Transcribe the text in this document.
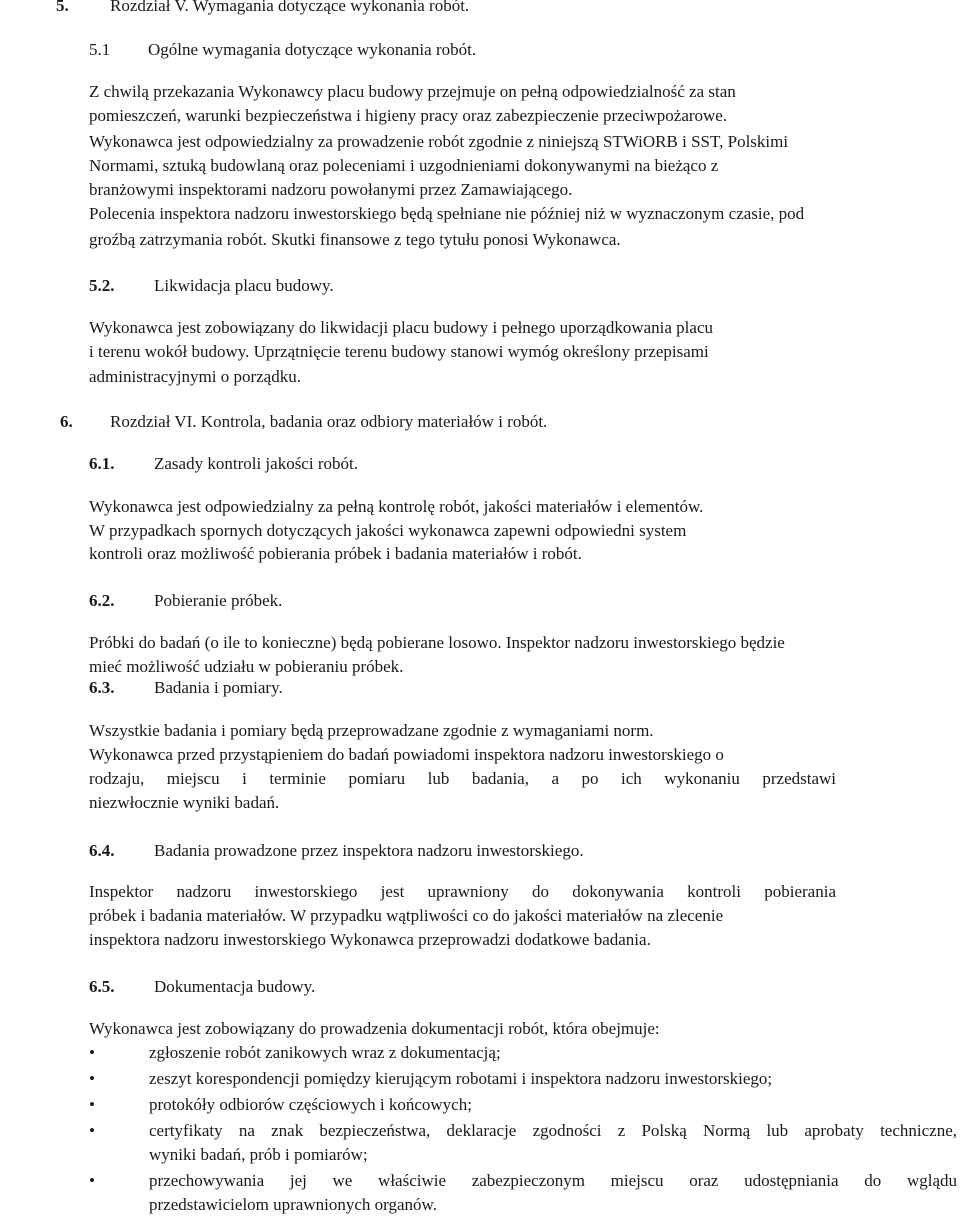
5. Rozdział V. Wymagania dotyczące wykonania robót.
5.1 Ogólne wymagania dotyczące wykonania robót.
Z chwilą przekazania Wykonawcy placu budowy przejmuje on pełną odpowiedzialność za stan
pomieszczeń, warunki bezpieczeństwa i higieny pracy oraz zabezpieczenie przeciwpożarowe.
Wykonawca jest odpowiedzialny za prowadzenie robót zgodnie z niniejszą STWiORB i SST, Polskimi
Normami, sztuką budowlaną oraz poleceniami i uzgodnieniami dokonywanymi na bieżąco z
branżowymi inspektorami nadzoru powołanymi przez Zamawiającego.
Polecenia inspektora nadzoru inwestorskiego będą spełniane nie później niż w wyznaczonym czasie, pod
groźbą zatrzymania robót. Skutki finansowe z tego tytułu ponosi Wykonawca.
5.2. Likwidacja placu budowy.
Wykonawca jest zobowiązany do likwidacji placu budowy i pełnego uporządkowania placu
i terenu wokół budowy. Uprzątnięcie terenu budowy stanowi wymóg określony przepisami
administracyjnymi o porządku.
6. Rozdział VI. Kontrola, badania oraz odbiory materiałów i robót.
6.1. Zasady kontroli jakości robót.
Wykonawca jest odpowiedzialny za pełną kontrolę robót, jakości materiałów i elementów.
W przypadkach spornych dotyczących jakości wykonawca zapewni odpowiedni system
kontroli oraz możliwość pobierania próbek i badania materiałów i robót.
6.2. Pobieranie próbek.
Próbki do badań (o ile to konieczne) będą pobierane losowo. Inspektor nadzoru inwestorskiego będzie
mieć możliwość udziału w pobieraniu próbek.
6.3. Badania i pomiary.
Wszystkie badania i pomiary będą przeprowadzane zgodnie z wymaganiami norm.
Wykonawca przed przystąpieniem do badań powiadomi inspektora nadzoru inwestorskiego o
rodzaju, miejscu i terminie pomiaru lub badania, a po ich wykonaniu przedstawi
niezwłocznie wyniki badań.
6.4. Badania prowadzone przez inspektora nadzoru inwestorskiego.
Inspektor nadzoru inwestorskiego jest uprawniony do dokonywania kontroli pobierania
próbek i badania materiałów. W przypadku wątpliwości co do jakości materiałów na zlecenie
inspektora nadzoru inwestorskiego Wykonawca przeprowadzi dodatkowe badania.
6.5. Dokumentacja budowy.
Wykonawca jest zobowiązany do prowadzenia dokumentacji robót, która obejmuje:
•	zgłoszenie robót zanikowych wraz z dokumentacją;
•	zeszyt korespondencji pomiędzy kierującym robotami i inspektora nadzoru inwestorskiego;
•	protokóły odbiorów częściowych i końcowych;
•	certyfikaty na znak bezpieczeństwa, deklaracje zgodności z Polską Normą lub aprobaty techniczne,
wyniki badań, prób i pomiarów;
•	przechowywania jej we właściwie zabezpieczonym miejscu oraz udostępniania do wglądu
przedstawicielom uprawnionych organów.
